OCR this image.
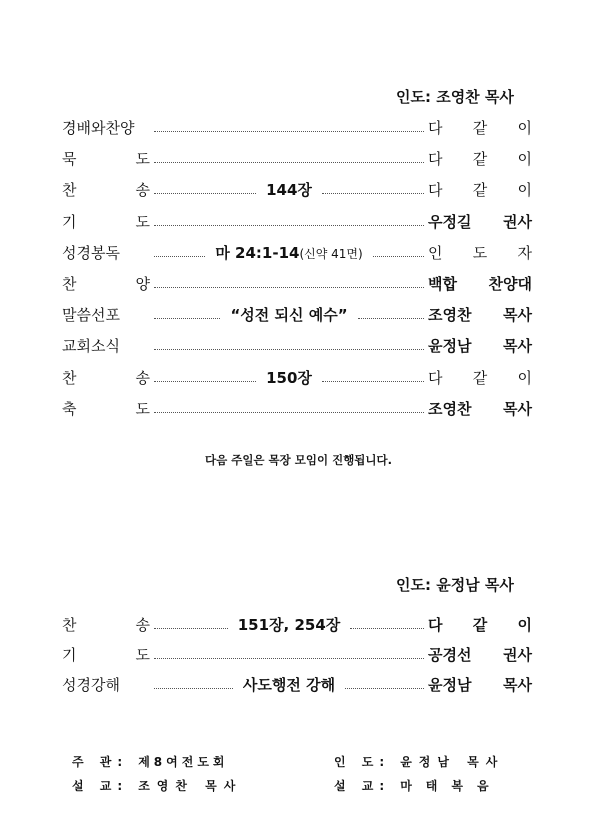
인도: 조영찬 목사
경배와찬양	다 같 이
묵 도	다 같 이
찬 송	144장	다 같 이
기 도	우정길 권사
성경봉독	마 24:1-14(신약 41면)	인 도 자
찬 양	백합 찬양대
말씀선포	“성전 되신 예수”	조영찬 목사
교회소식	윤정남 목사
찬 송	150장	다 같 이
축 도	조영찬 목사
다음 주일은 목장 모임이 진행됩니다.
인도: 윤정남 목사
찬 송	151장, 254장	다 같 이
기 도	공경선 권사
성경강해	사도행전 강해	윤정남 목사
주 관: 제8여전도회	인 도: 윤정남 목사
설 교: 조영찬 목사	설 교: 마태복음
